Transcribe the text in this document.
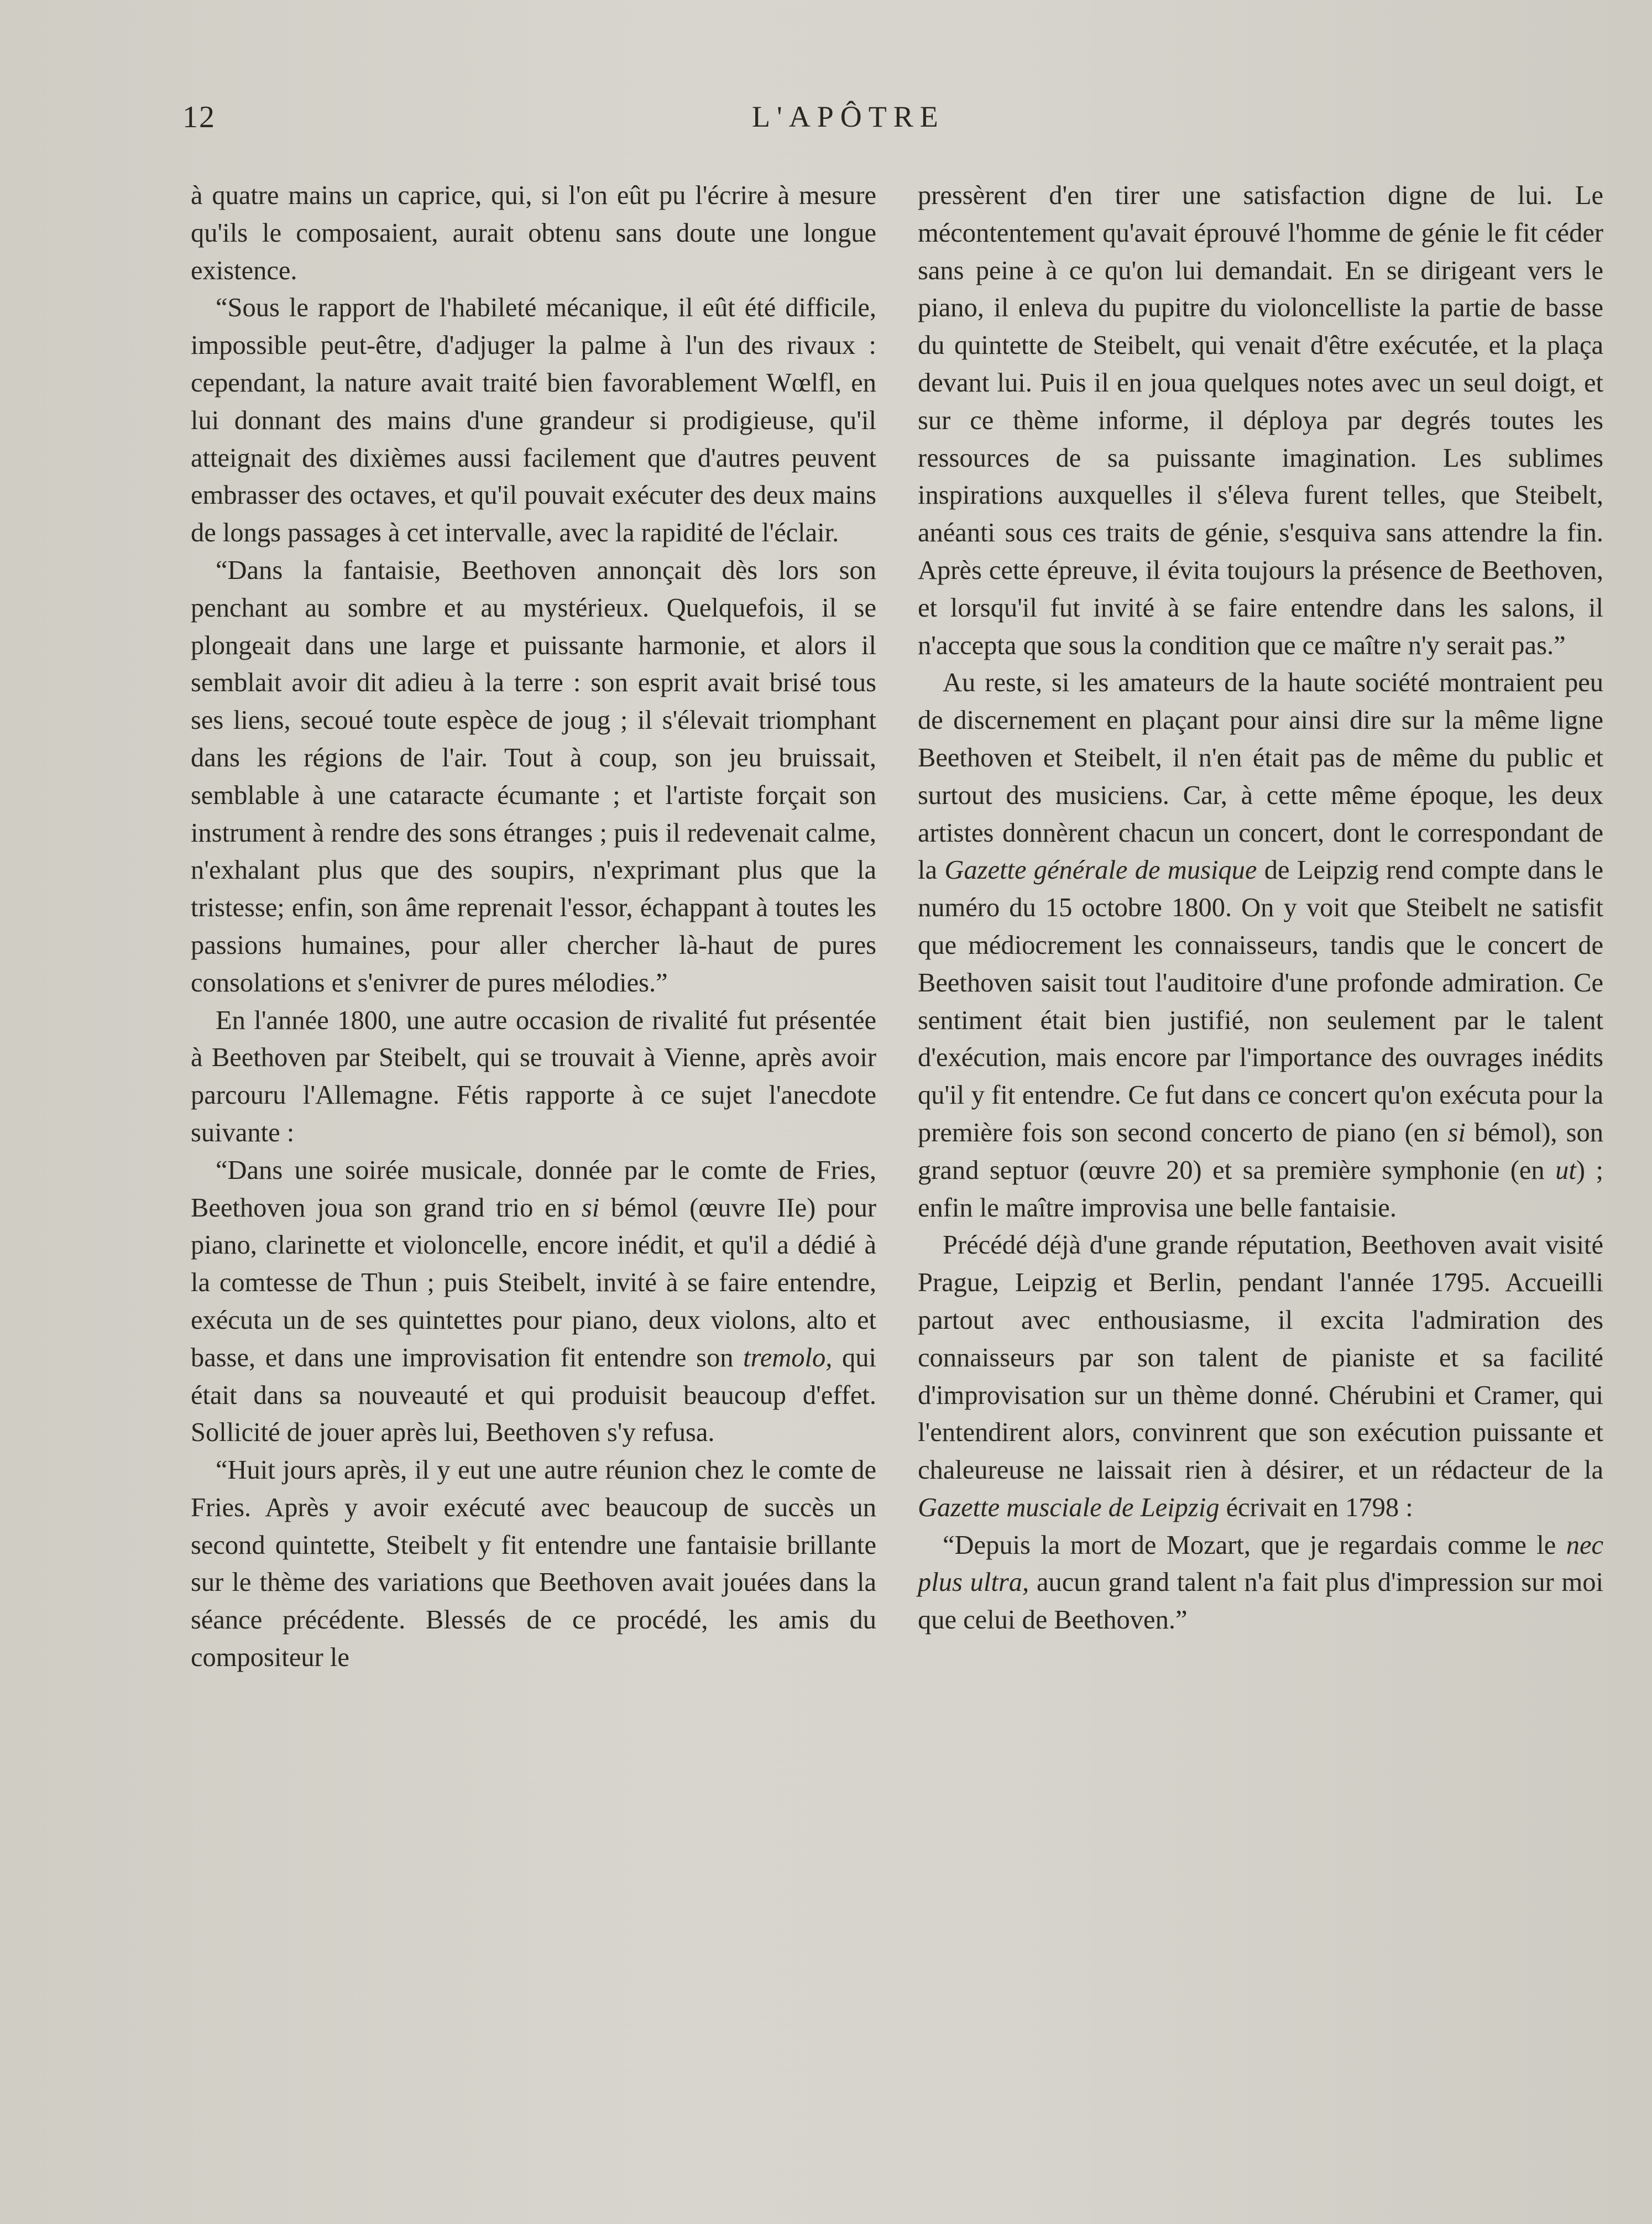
12	L'APÔTRE

à quatre mains un caprice, qui, si l'on eût pu l'écrire à mesure qu'ils le composaient, aurait obtenu sans doute une longue existence.

“Sous le rapport de l'habileté mécanique, il eût été difficile, impossible peut-être, d'adjuger la palme à l'un des rivaux : cependant, la nature avait traité bien favorablement Wœlfl, en lui donnant des mains d'une grandeur si prodigieuse, qu'il atteignait des dixièmes aussi facilement que d'autres peuvent embrasser des octaves, et qu'il pouvait exécuter des deux mains de longs passages à cet intervalle, avec la rapidité de l'éclair.

“Dans la fantaisie, Beethoven annonçait dès lors son penchant au sombre et au mystérieux. Quelquefois, il se plongeait dans une large et puissante harmonie, et alors il semblait avoir dit adieu à la terre : son esprit avait brisé tous ses liens, secoué toute espèce de joug ; il s'élevait triomphant dans les régions de l'air. Tout à coup, son jeu bruissait, semblable à une cataracte écumante ; et l'artiste forçait son instrument à rendre des sons étranges ; puis il redevenait calme, n'exhalant plus que des soupirs, n'exprimant plus que la tristesse; enfin, son âme reprenait l'essor, échappant à toutes les passions humaines, pour aller chercher là-haut de pures consolations et s'enivrer de pures mélodies.”

En l'année 1800, une autre occasion de rivalité fut présentée à Beethoven par Steibelt, qui se trouvait à Vienne, après avoir parcouru l'Allemagne. Fétis rapporte à ce sujet l'anecdote suivante :

“Dans une soirée musicale, donnée par le comte de Fries, Beethoven joua son grand trio en si bémol (œuvre IIe) pour piano, clarinette et violoncelle, encore inédit, et qu'il a dédié à la comtesse de Thun ; puis Steibelt, invité à se faire entendre, exécuta un de ses quintettes pour piano, deux violons, alto et basse, et dans une improvisation fit entendre son tremolo, qui était dans sa nouveauté et qui produisit beaucoup d'effet. Sollicité de jouer après lui, Beethoven s'y refusa.

“Huit jours après, il y eut une autre réunion chez le comte de Fries. Après y avoir exécuté avec beaucoup de succès un second quintette, Steibelt y fit entendre une fantaisie brillante sur le thème des variations que Beethoven avait jouées dans la séance précédente. Blessés de ce procédé, les amis du compositeur le

pressèrent d'en tirer une satisfaction digne de lui. Le mécontentement qu'avait éprouvé l'homme de génie le fit céder sans peine à ce qu'on lui demandait. En se dirigeant vers le piano, il enleva du pupitre du violoncelliste la partie de basse du quintette de Steibelt, qui venait d'être exécutée, et la plaça devant lui. Puis il en joua quelques notes avec un seul doigt, et sur ce thème informe, il déploya par degrés toutes les ressources de sa puissante imagination. Les sublimes inspirations auxquelles il s'éleva furent telles, que Steibelt, anéanti sous ces traits de génie, s'esquiva sans attendre la fin. Après cette épreuve, il évita toujours la présence de Beethoven, et lorsqu'il fut invité à se faire entendre dans les salons, il n'accepta que sous la condition que ce maître n'y serait pas.”

Au reste, si les amateurs de la haute société montraient peu de discernement en plaçant pour ainsi dire sur la même ligne Beethoven et Steibelt, il n'en était pas de même du public et surtout des musiciens. Car, à cette même époque, les deux artistes donnèrent chacun un concert, dont le correspondant de la Gazette générale de musique de Leipzig rend compte dans le numéro du 15 octobre 1800. On y voit que Steibelt ne satisfit que médiocrement les connaisseurs, tandis que le concert de Beethoven saisit tout l'auditoire d'une profonde admiration. Ce sentiment était bien justifié, non seulement par le talent d'exécution, mais encore par l'importance des ouvrages inédits qu'il y fit entendre. Ce fut dans ce concert qu'on exécuta pour la première fois son second concerto de piano (en si bémol), son grand septuor (œuvre 20) et sa première symphonie (en ut) ; enfin le maître improvisa une belle fantaisie.

Précédé déjà d'une grande réputation, Beethoven avait visité Prague, Leipzig et Berlin, pendant l'année 1795. Accueilli partout avec enthousiasme, il excita l'admiration des connaisseurs par son talent de pianiste et sa facilité d'improvisation sur un thème donné. Chérubini et Cramer, qui l'entendirent alors, convinrent que son exécution puissante et chaleureuse ne laissait rien à désirer, et un rédacteur de la Gazette musciale de Leipzig écrivait en 1798 :

“Depuis la mort de Mozart, que je regardais comme le nec plus ultra, aucun grand talent n'a fait plus d'impression sur moi que celui de Beethoven.”
